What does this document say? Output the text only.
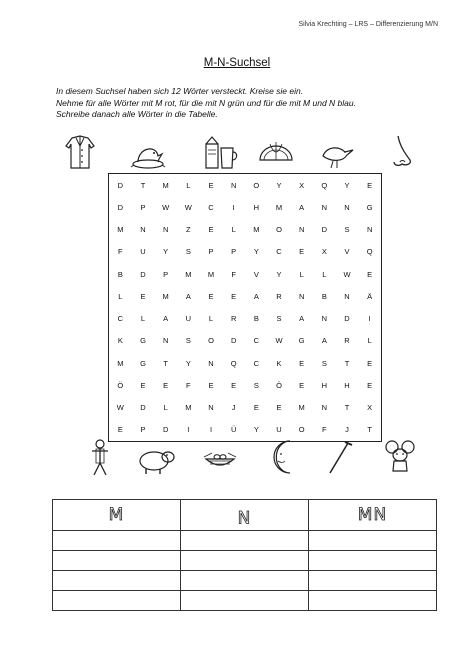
Silvia Krechting – LRS – Differenzierung M/N
M-N-Suchsel
In diesem Suchsel haben sich 12 Wörter versteckt. Kreise sie ein.
Nehme für alle Wörter mit M rot, für die mit N grün und für die mit M und N blau.
Schreibe danach alle Wörter in die Tabelle.
D	T	M	L	E	N	O	Y	X	Q	Y	E
D	P	W	W	C	I	H	M	A	N	N	G
M	N	N	Z	E	L	M	O	N	D	S	N
F	U	Y	S	P	P	Y	C	E	X	V	Q
B	D	P	M	M	F	V	Y	L	L	W	E
L	E	M	A	E	E	A	R	N	B	N	Ä
C	L	A	U	L	R	B	S	A	N	D	I
K	G	N	S	O	D	C	W	G	A	R	L
M	G	T	Y	N	Q	C	K	E	S	T	E
Ö	E	E	F	E	E	S	Ö	E	H	H	E
W	D	L	M	N	J	E	E	M	N	T	X
E	P	D	I	I	Ü	Y	U	O	F	J	T
M	N	MN
